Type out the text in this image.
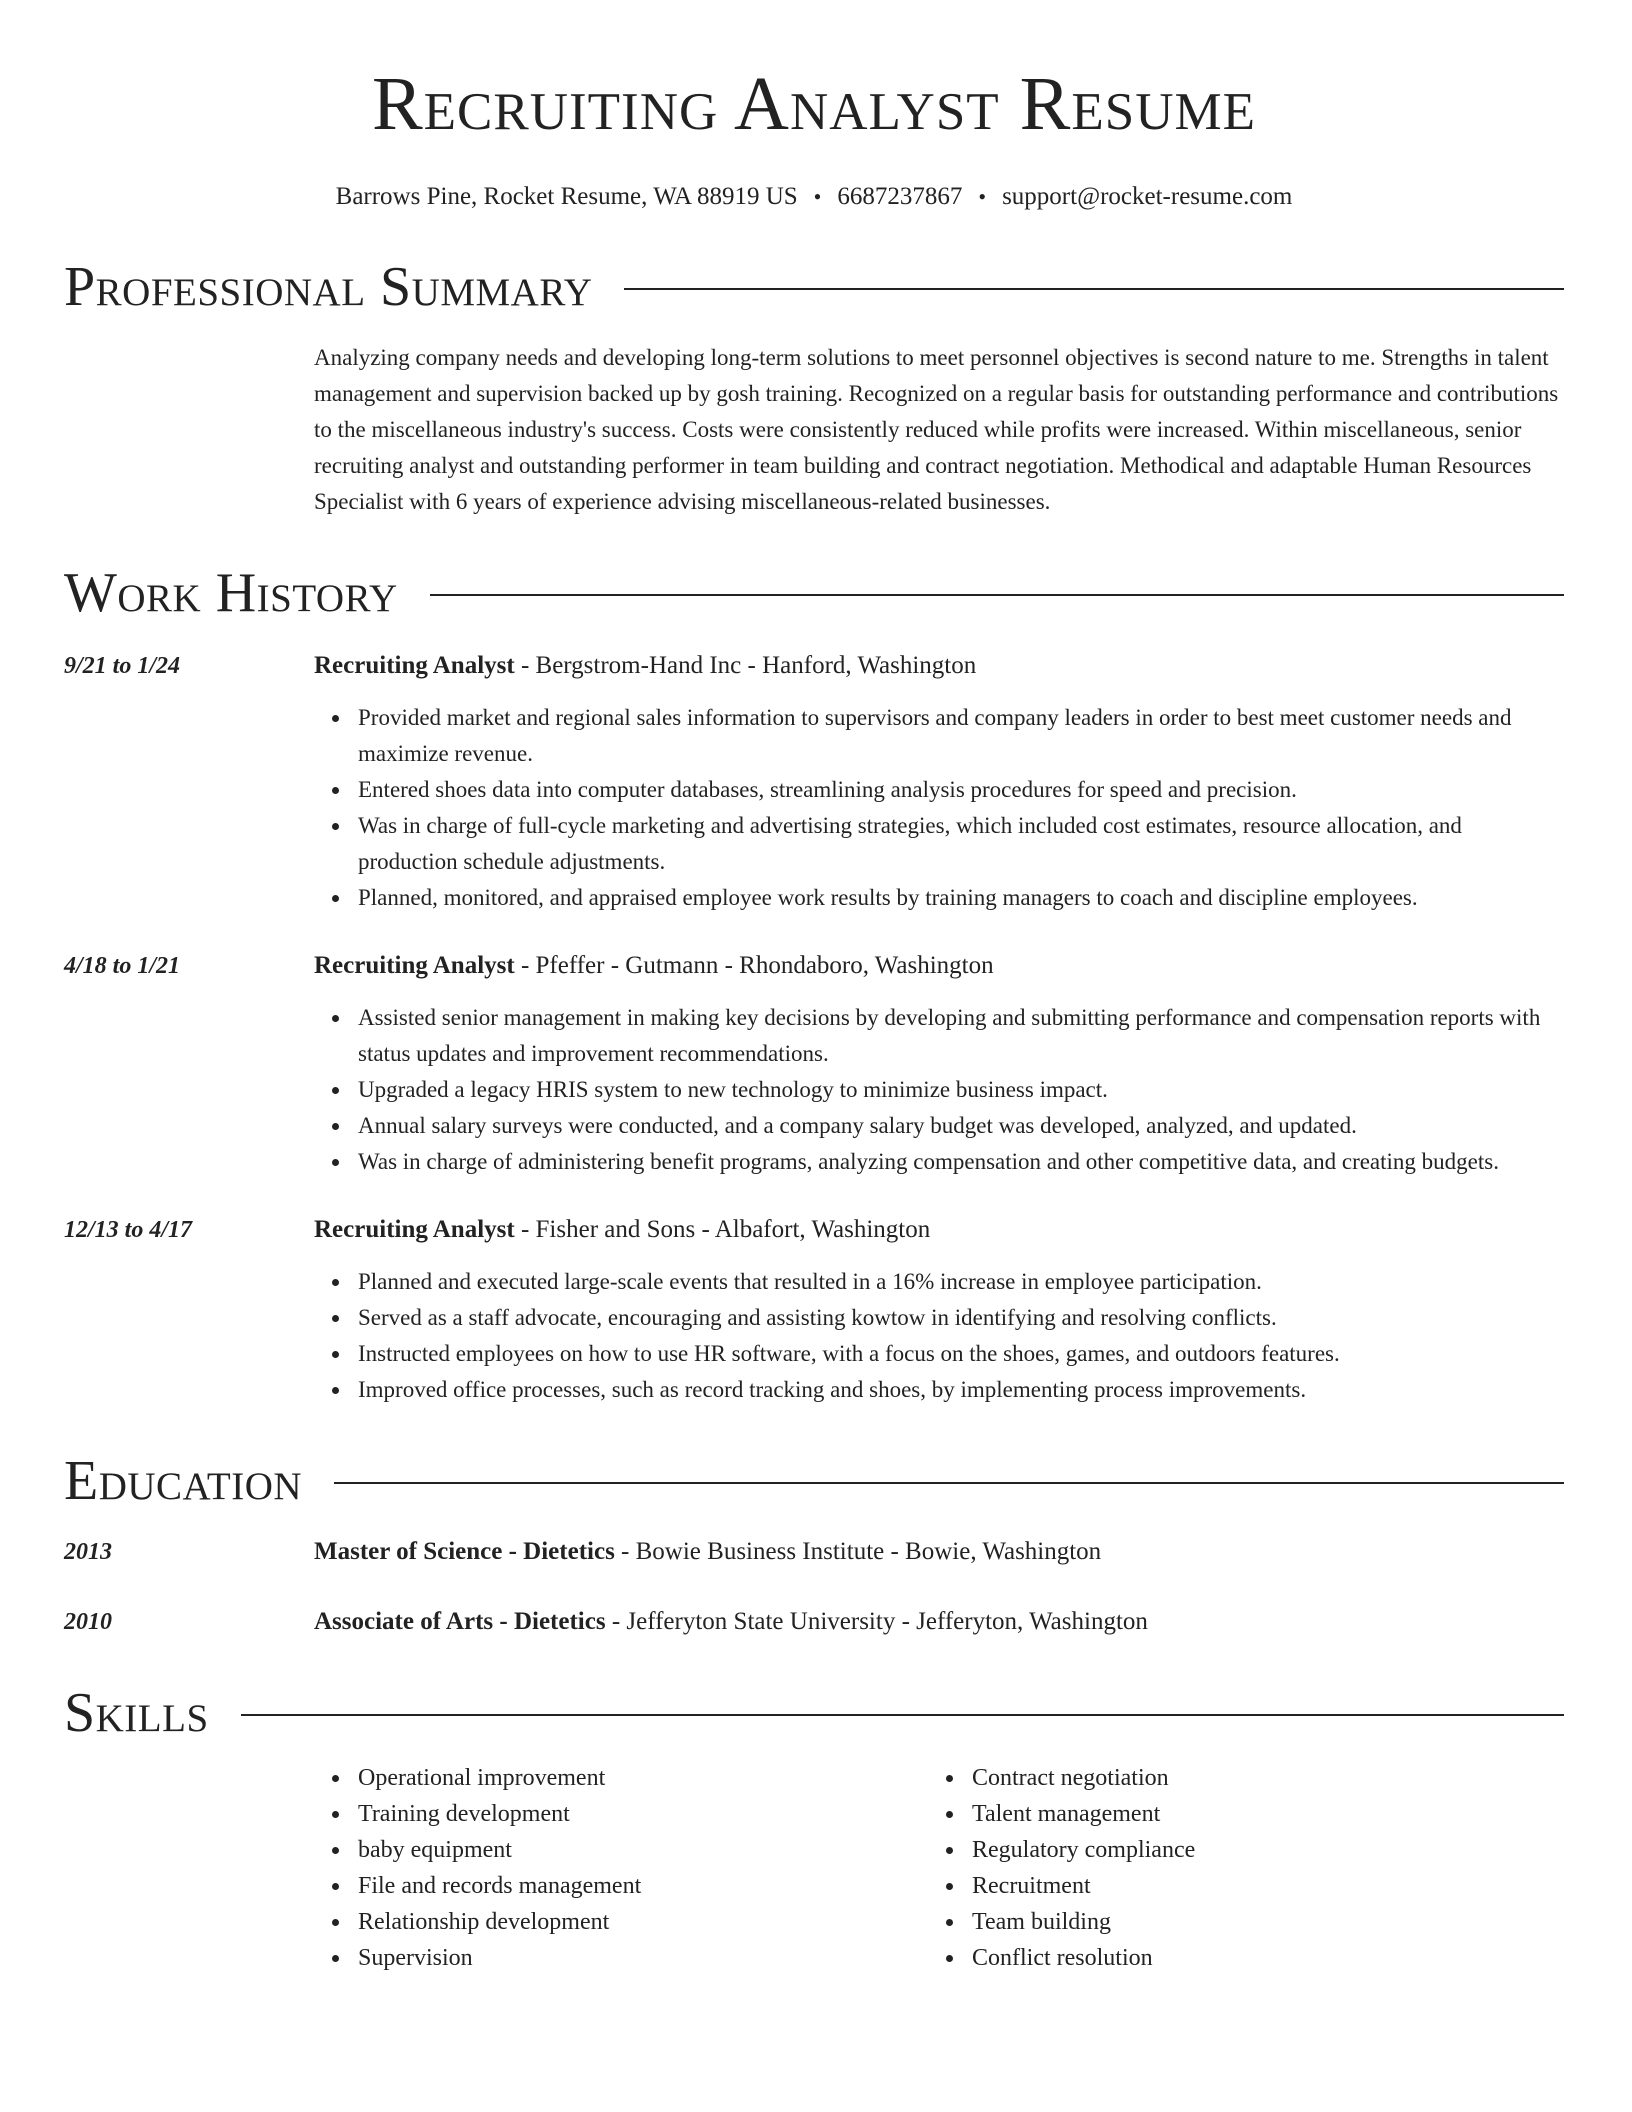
Recruiting Analyst Resume
Barrows Pine, Rocket Resume, WA 88919 US • 6687237867 • support@rocket-resume.com
Professional Summary
Analyzing company needs and developing long-term solutions to meet personnel objectives is second nature to me. Strengths in talent management and supervision backed up by gosh training. Recognized on a regular basis for outstanding performance and contributions to the miscellaneous industry's success. Costs were consistently reduced while profits were increased. Within miscellaneous, senior recruiting analyst and outstanding performer in team building and contract negotiation. Methodical and adaptable Human Resources Specialist with 6 years of experience advising miscellaneous-related businesses.
Work History
9/21 to 1/24	Recruiting Analyst - Bergstrom-Hand Inc - Hanford, Washington
Provided market and regional sales information to supervisors and company leaders in order to best meet customer needs and maximize revenue.
Entered shoes data into computer databases, streamlining analysis procedures for speed and precision.
Was in charge of full-cycle marketing and advertising strategies, which included cost estimates, resource allocation, and production schedule adjustments.
Planned, monitored, and appraised employee work results by training managers to coach and discipline employees.
4/18 to 1/21	Recruiting Analyst - Pfeffer - Gutmann - Rhondaboro, Washington
Assisted senior management in making key decisions by developing and submitting performance and compensation reports with status updates and improvement recommendations.
Upgraded a legacy HRIS system to new technology to minimize business impact.
Annual salary surveys were conducted, and a company salary budget was developed, analyzed, and updated.
Was in charge of administering benefit programs, analyzing compensation and other competitive data, and creating budgets.
12/13 to 4/17	Recruiting Analyst - Fisher and Sons - Albafort, Washington
Planned and executed large-scale events that resulted in a 16% increase in employee participation.
Served as a staff advocate, encouraging and assisting kowtow in identifying and resolving conflicts.
Instructed employees on how to use HR software, with a focus on the shoes, games, and outdoors features.
Improved office processes, such as record tracking and shoes, by implementing process improvements.
Education
2013	Master of Science - Dietetics - Bowie Business Institute - Bowie, Washington
2010	Associate of Arts - Dietetics - Jefferyton State University - Jefferyton, Washington
Skills
Operational improvement
Training development
baby equipment
File and records management
Relationship development
Supervision
Contract negotiation
Talent management
Regulatory compliance
Recruitment
Team building
Conflict resolution
